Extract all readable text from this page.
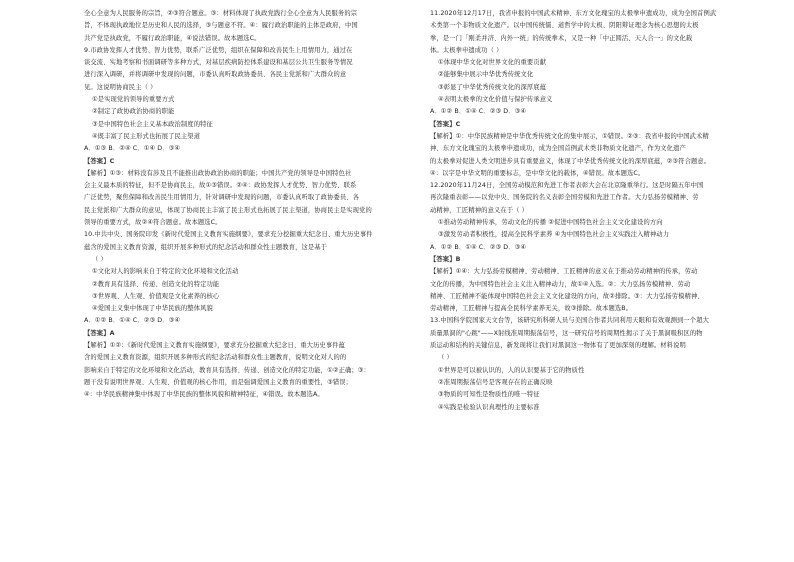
全心全意为人民服务的宗旨，②③符合题意。③：材料体现了执政党践行全心全意为人民服务的宗
旨，不体现执政地位是历史和人民的选择，③与题意不符。④：履行政治职能的主体是政府，中国
共产党是执政党，不履行政治职能，④说法错误。故本题选C。
9.市政协发挥人才优势、智力优势，联系广泛优势，组织在保障和改善民生上用情用力，通过在
谈交流、实地考察和书面调研等多种方式，对基层疾病防控体系建设和基层公共卫生服务等情况
进行深入调研，并将调研中发现的问题，市委认真听取政协委员、各民主党派和广大群众的意
见。这说明协商民主（ ）
①是实现党的领导的重要方式
②制定了政协政治协商的职能
③是中国特色社会主义基本政治制度的特征
④既丰富了民主形式也拓展了民主渠道
A．①③ B．②④ C．①④ D．③④
【答案】C
【解析】①③：材料没有涉及且不能推出政协政治协商的职能；中国共产党的领导是中国特色社
会主义最本质的特征，但不是协商民主，故①③错误。②④：政协发挥人才优势、智力优势、联系
广泛优势，聚焦保障和改善民生用情用力，针对调研中发现的问题，市委认真听取了政协委员、各
民主党派和广大群众的意见，体现了协商民主丰富了民主形式也拓展了民主渠道，协商民主是实现党的
领导的重要方式，故②④符合题意。故本题选C。
10.中共中央、国务院印发《新时代爱国主义教育实施纲要》，要求充分挖掘重大纪念日、重大历史事件
蕴含的爱国主义教育资源，组织开展多种形式的纪念活动和群众性主题教育，这是基于
（ ）
①文化对人的影响来自于特定的文化环境和文化活动
②教育具有选择、传递、创造文化的特定功能
③世界观、人生观、价值观是文化素养的核心
④爱国主义集中体现了中华民族的整体风貌
A．①② B．①④ C．②③ D．③④
【答案】A
【解析】①②：《新时代爱国主义教育实施纲要》，要求充分挖掘重大纪念日、重大历史事件蕴
含的爱国主义教育资源，组织开展多种形式的纪念活动和群众性主题教育，说明文化对人的的
影响来自于特定的文化环境和文化活动，教育具有选择、传递、创造文化的特定功能，①②正确；③：
题干没有说明世界观、人生观、价值观的核心作用，而是强调爱国主义教育的重要性，③错误；
④：中华民族精神集中体现了中华民族的整体风貌和精神特征，④错误。故本题选A。
11.2020年12月17日，我省申报的中国武术精神、东方文化瑰宝的太极拳申遗成功，成为全国首例武
术类第一个非物质文化遗产。以中国传统儒、道哲学中的太极、阴阳辩证理念为核心思想的太极
拳，是一门「刚柔并济、内外一统」的传统拳术，又是一种「中正圆活、天人合一」的文化载
体。太极拳申遗成功（ ）
①体现中华文化对世界文化的重要贡献
②能够集中展示中华优秀传统文化
③彰显了中华优秀传统文化的深厚底蕴
④表明太极拳的文化价值与保护传承意义
A．①② B．①④ C．②③ D．③④
【答案】C
【解析】①：中华民族精神是中华优秀传统文化的集中展示，①错误。②③：我省申报的中国武术精
神、东方文化瑰宝的太极拳申遗成功，成为全国首例武术类非物质文化遗产，作为文化遗产
的太极拳对促进人类文明进步具有重要意义，体现了中华优秀传统文化的深厚底蕴，②③符合题意。
④：以字是中华文明的重要标志，是中华文化的载体，④错误。故本题选C。
12.2020年11月24日，全国劳动模范和先进工作者表彰大会在北京隆重举行。这是时隔五年中国
再次隆重表彰——以党中央、国务院的名义表彰全国劳模和先进工作者。大力弘扬劳模精神、劳
动精神，工匠精神的意义在于（ ）
①推动劳动精神传承，劳动文化的传播 ②促进中国特色社会主义文化建设的方向
③激发劳动者积极性，提高全民科学素养 ④为中国特色社会主义实践注入精神动力
A．①② B．①④ C．②③ D．③④
【答案】B
【解析】①④：大力弘扬劳模精神、劳动精神、工匠精神的意义在于推动劳动精神的传承，劳动
文化的传播，为中国特色社会主义注入精神动力，故①④入选。②：大力弘扬劳模精神、劳动
精神、工匠精神不能体现中国特色社会主义文化建设的方向，故②排除。③：大力弘扬劳模精神、
劳动精神，工匠精神与提高全民科学素养无关，故③排除。故本题选B。
13.中国科学院国家天文台等，该研究所科研人员与美国合作者共同利用天眼和有效观测到一个超大
质量黑洞的"心跳"——X射线准周期振荡信号，这一研究信号的周期性揭示了关于黑洞吸积区的物
质运动和结构的关键信息，新发现将让我们对黑洞这一物体有了更加深刻的理解。材料说明
（ ）
①世界是可以被认识的，人的认识要基于它的物质性
②准周期振荡信号是客观存在的正确反映
③物质的可知性是物质性的唯一特征
④实践是检验认识真理性的主要标准
